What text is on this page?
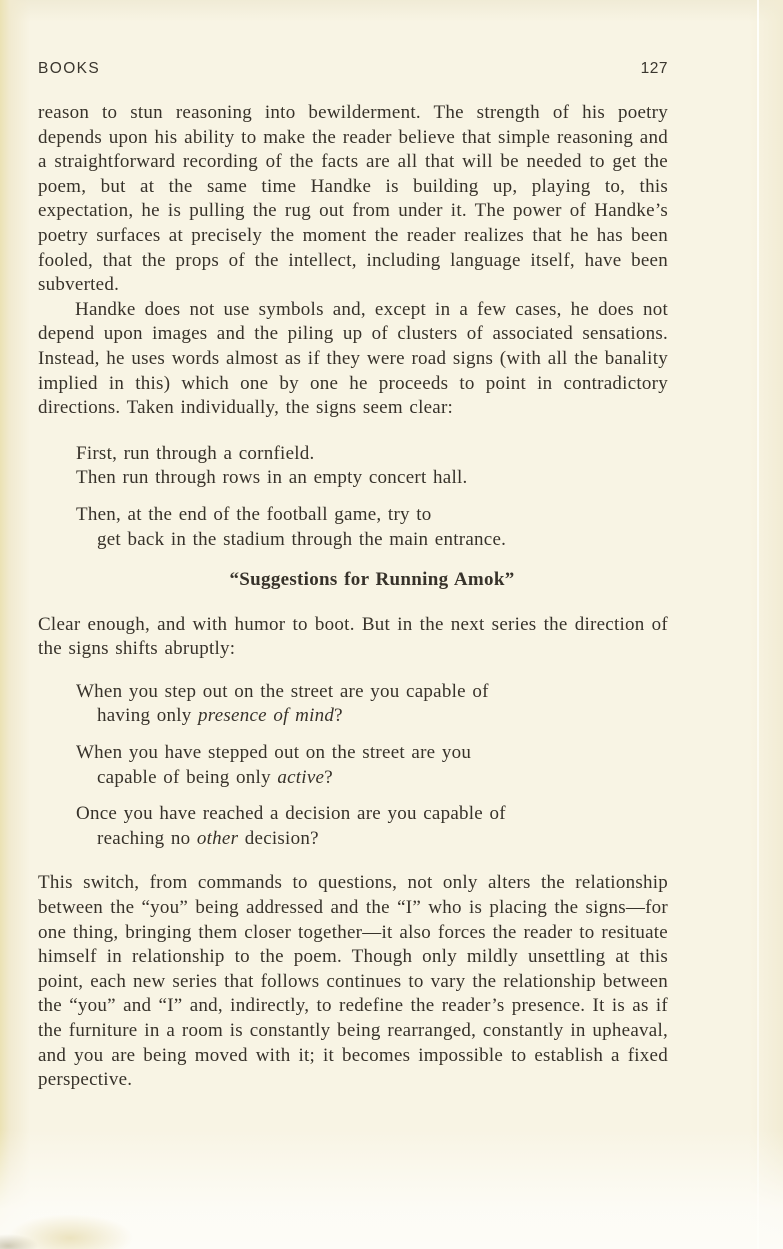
BOOKS	127

reason to stun reasoning into bewilderment. The strength of his poetry depends upon his ability to make the reader believe that simple reasoning and a straightforward recording of the facts are all that will be needed to get the poem, but at the same time Handke is building up, playing to, this expectation, he is pulling the rug out from under it. The power of Handke’s poetry surfaces at precisely the moment the reader realizes that he has been fooled, that the props of the intellect, including language itself, have been subverted.

Handke does not use symbols and, except in a few cases, he does not depend upon images and the piling up of clusters of associated sensations. Instead, he uses words almost as if they were road signs (with all the banality implied in this) which one by one he proceeds to point in contradictory directions. Taken individually, the signs seem clear:

First, run through a cornfield.
Then run through rows in an empty concert hall.
Then, at the end of the football game, try to
get back in the stadium through the main entrance.
“Suggestions for Running Amok”

Clear enough, and with humor to boot. But in the next series the direction of the signs shifts abruptly:

When you step out on the street are you capable of
having only presence of mind?
When you have stepped out on the street are you
capable of being only active?
Once you have reached a decision are you capable of
reaching no other decision?

This switch, from commands to questions, not only alters the relationship between the “you” being addressed and the “I” who is placing the signs—for one thing, bringing them closer together—it also forces the reader to resituate himself in relationship to the poem. Though only mildly unsettling at this point, each new series that follows continues to vary the relationship between the “you” and “I” and, indirectly, to redefine the reader’s presence. It is as if the furniture in a room is constantly being rearranged, constantly in upheaval, and you are being moved with it; it becomes impossible to establish a fixed perspective.
